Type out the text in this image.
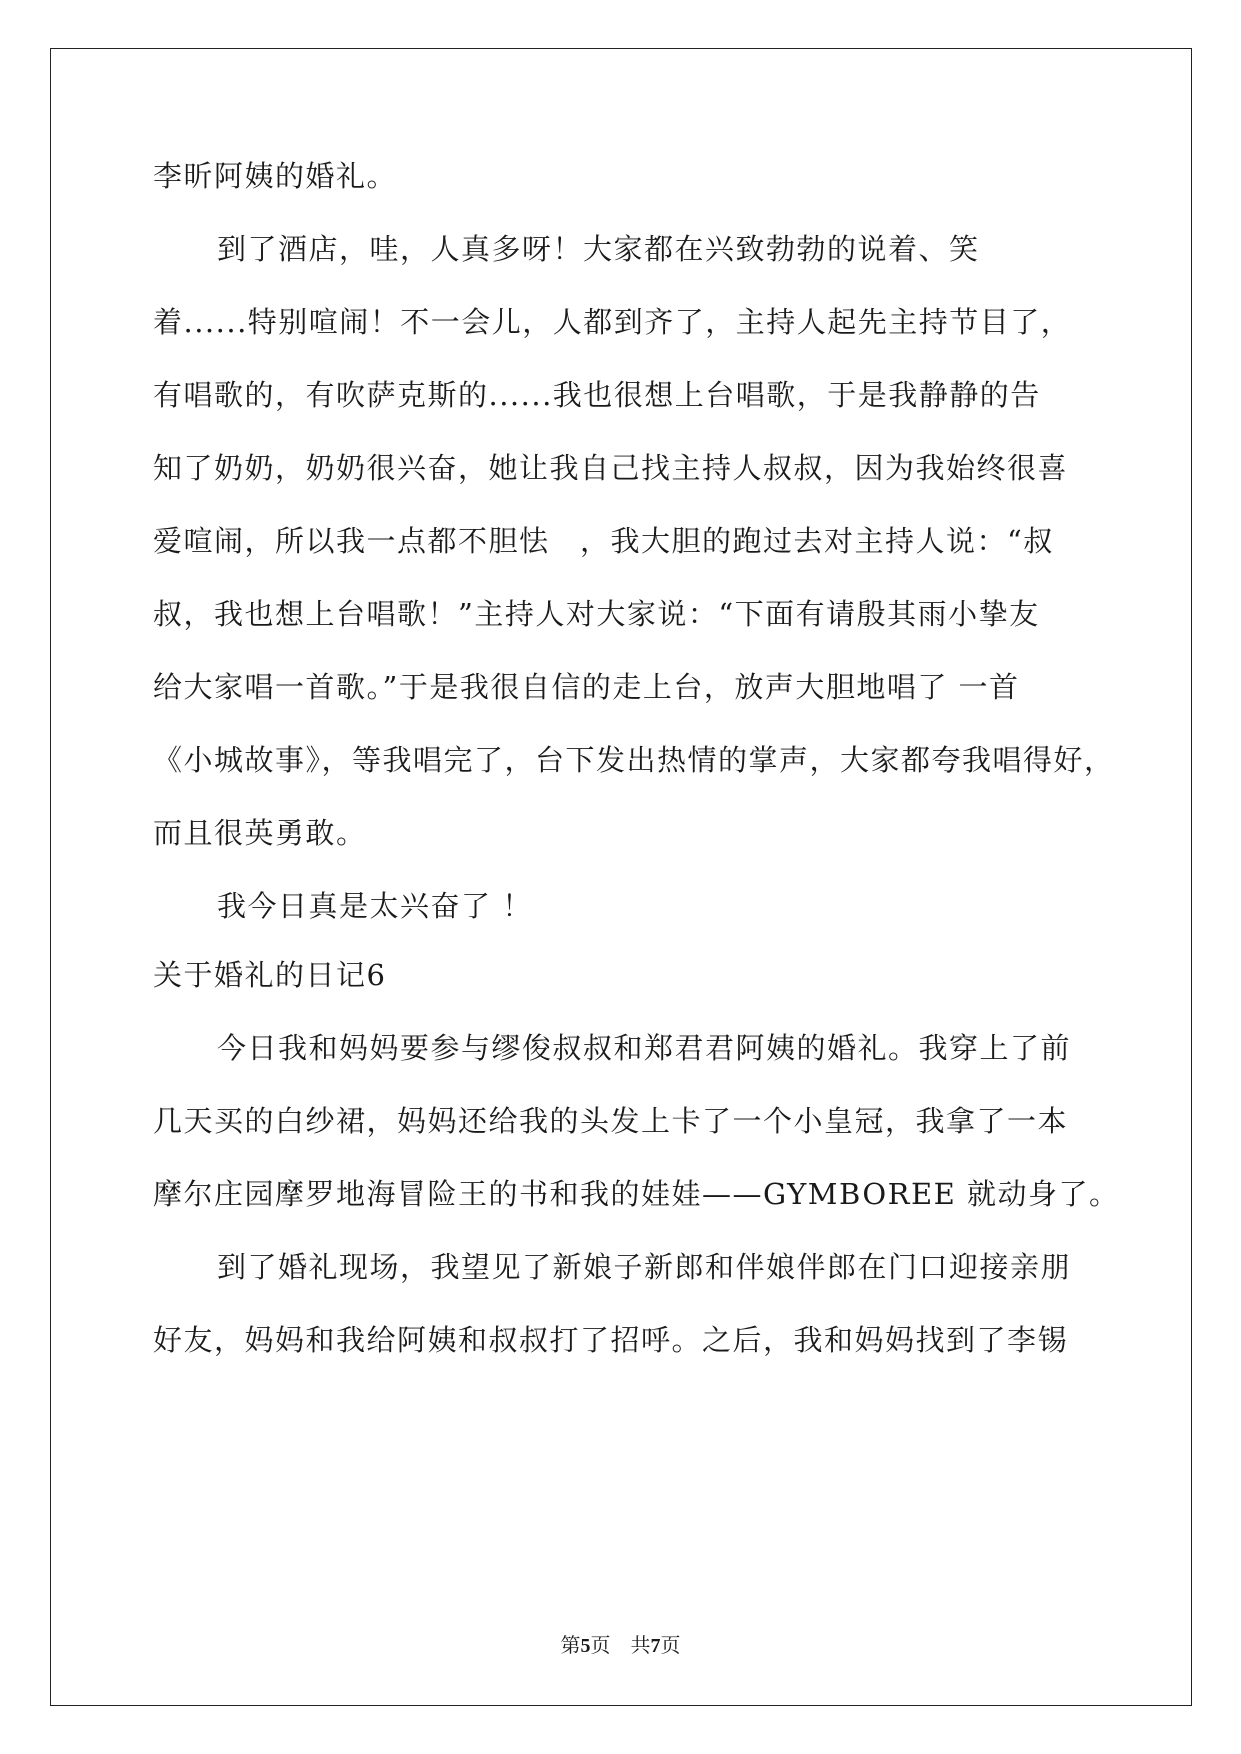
李昕阿姨的婚礼。
到了酒店，哇，人真多呀！大家都在兴致勃勃的说着、笑
着......特别喧闹！不一会儿，人都到齐了，主持人起先主持节目了，
有唱歌的，有吹萨克斯的......我也很想上台唱歌，于是我静静的告
知了奶奶，奶奶很兴奋，她让我自己找主持人叔叔，因为我始终很喜
爱喧闹，所以我一点都不胆怯　，我大胆的跑过去对主持人说：“叔
叔，我也想上台唱歌！”主持人对大家说：“下面有请殷其雨小挚友
给大家唱一首歌。”于是我很自信的走上台，放声大胆地唱了 一首
《小城故事》，等我唱完了，台下发出热情的掌声，大家都夸我唱得好，
而且很英勇敢。
我今日真是太兴奋了 ！
关于婚礼的日记6
今日我和妈妈要参与缪俊叔叔和郑君君阿姨的婚礼。我穿上了前
几天买的白纱裙，妈妈还给我的头发上卡了一个小皇冠，我拿了一本
摩尔庄园摩罗地海冒险王的书和我的娃娃——GYMBOREE 就动身了。
到了婚礼现场，我望见了新娘子新郎和伴娘伴郎在门口迎接亲朋
好友，妈妈和我给阿姨和叔叔打了招呼。之后，我和妈妈找到了李锡
第5页　共7页
